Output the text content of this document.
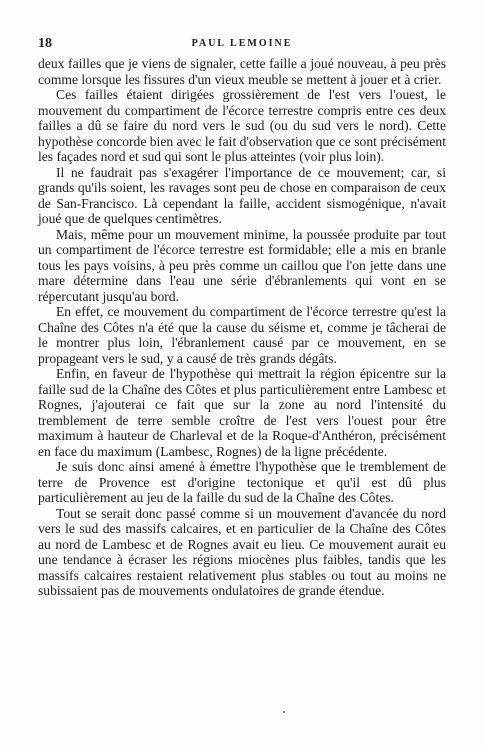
18	PAUL LEMOINE

deux failles que je viens de signaler, cette faille a joué nouveau, à peu près comme lorsque les fissures d'un vieux meuble se mettent à jouer et à crier.

Ces failles étaient dirigées grossièrement de l'est vers l'ouest, le mouvement du compartiment de l'écorce terrestre compris entre ces deux failles a dû se faire du nord vers le sud (ou du sud vers le nord). Cette hypothèse concorde bien avec le fait d'observation que ce sont précisément les façades nord et sud qui sont le plus atteintes (voir plus loin).

Il ne faudrait pas s'exagérer l'importance de ce mouvement; car, si grands qu'ils soient, les ravages sont peu de chose en comparaison de ceux de San-Francisco. Là cependant la faille, accident sismogénique, n'avait joué que de quelques centimètres.

Mais, même pour un mouvement minime, la poussée produite par tout un compartiment de l'écorce terrestre est formidable; elle a mis en branle tous les pays voisins, à peu près comme un caillou que l'on jette dans une mare détermine dans l'eau une série d'ébranlements qui vont en se répercutant jusqu'au bord.

En effet, ce mouvement du compartiment de l'écorce terrestre qu'est la Chaîne des Côtes n'a été que la cause du séisme et, comme je tâcherai de le montrer plus loin, l'ébranlement causé par ce mouvement, en se propageant vers le sud, y a causé de très grands dégâts.

Enfin, en faveur de l'hypothèse qui mettrait la région épicentre sur la faille sud de la Chaîne des Côtes et plus particulièrement entre Lambesc et Rognes, j'ajouterai ce fait que sur la zone au nord l'intensité du tremblement de terre semble croître de l'est vers l'ouest pour être maximum à hauteur de Charleval et de la Roque-d'Anthéron, précisément en face du maximum (Lambesc, Rognes) de la ligne précédente.

Je suis donc ainsi amené à émettre l'hypothèse que le tremblement de terre de Provence est d'origine tectonique et qu'il est dû plus particulièrement au jeu de la faille du sud de la Chaîne des Côtes.

Tout se serait donc passé comme si un mouvement d'avancée du nord vers le sud des massifs calcaires, et en particulier de la Chaîne des Côtes au nord de Lambesc et de Rognes avait eu lieu. Ce mouvement aurait eu une tendance à écraser les régions miocènes plus faibles, tandis que les massifs calcaires restaient relativement plus stables ou tout au moins ne subissaient pas de mouvements ondulatoires de grande étendue.
